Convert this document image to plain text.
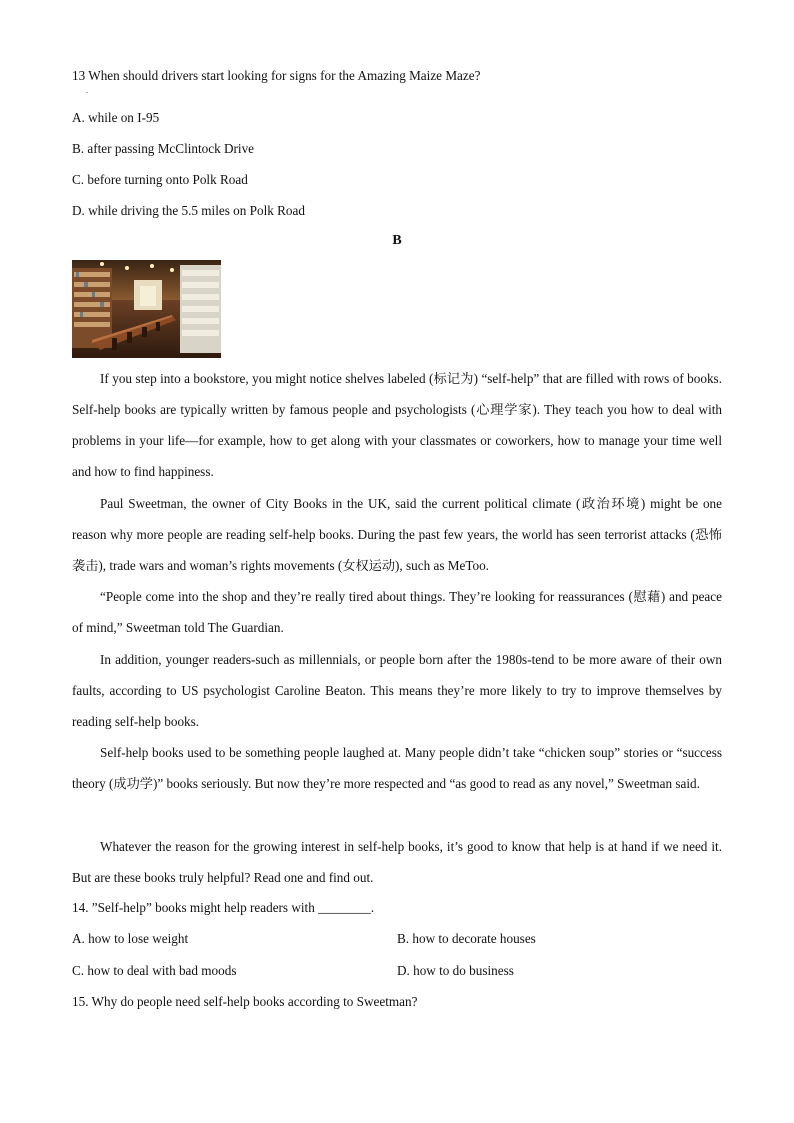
13 When should drivers start looking for signs for the Amazing Maize Maze?
.
A. while on I-95
B. after passing McClintock Drive
C. before turning onto Polk Road
D. while driving the 5.5 miles on Polk Road
B
If you step into a bookstore, you might notice shelves labeled (标记为) “self-help” that are filled with rows of books. Self-help books are typically written by famous people and psychologists (心理学家). They teach you how to deal with problems in your life—for example, how to get along with your classmates or coworkers, how to manage your time well and how to find happiness.
Paul Sweetman, the owner of City Books in the UK, said the current political climate (政治环境) might be one reason why more people are reading self-help books. During the past few years, the world has seen terrorist attacks (恐怖袭击), trade wars and woman’s rights movements (女权运动), such as MeToo.
“People come into the shop and they’re really tired about things. They’re looking for reassurances (慰藉) and peace of mind,” Sweetman told The Guardian.
In addition, younger readers-such as millennials, or people born after the 1980s-tend to be more aware of their own faults, according to US psychologist Caroline Beaton. This means they’re more likely to try to improve themselves by reading self-help books.
Self-help books used to be something people laughed at. Many people didn’t take “chicken soup” stories or “success theory (成功学)” books seriously. But now they’re more respected and “as good to read as any novel,” Sweetman said.
Whatever the reason for the growing interest in self-help books, it’s good to know that help is at hand if we need it. But are these books truly helpful? Read one and find out.
14. ”Self-help” books might help readers with ________.
A. how to lose weight	B. how to decorate houses
C. how to deal with bad moods	D. how to do business
15. Why do people need self-help books according to Sweetman?
